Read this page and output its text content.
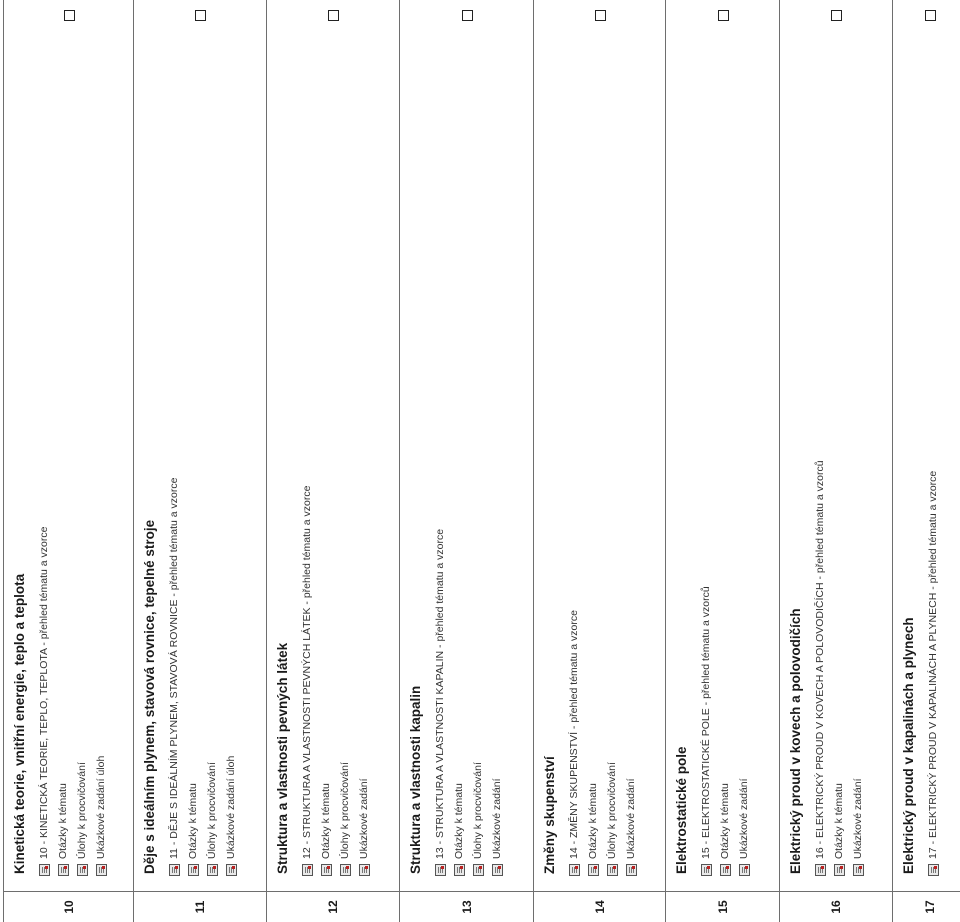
Kinetická teorie, vnitřní energie, teplo a teplota 10 - KINETICKÁ TEORIE, TEPLO, TEPLOTA - přehled tématu a vzorce Otázky k tématu Úlohy k procvičování Ukázkové zadání úloh
10
Děje s ideálním plynem, stavová rovnice, tepelné stroje 11 - DĚJE S IDEÁLNÍM PLYNEM, STAVOVÁ ROVNICE - přehled tématu a vzorce Otázky k tématu Úlohy k procvičování Ukázkové zadání úloh
11
Struktura a vlastnosti pevných látek 12 - STRUKTURA A VLASTNOSTI PEVNÝCH LÁTEK - přehled tématu a vzorce Otázky k tématu Úlohy k procvičování Ukázkové zadání
12
Struktura a vlastnosti kapalin 13 - STRUKTURA A VLASTNOSTI KAPALIN - přehled tématu a vzorce Otázky k tématu Úlohy k procvičování Ukázkové zadání
13
Změny skupenství 14 - ZMĚNY SKUPENSTVÍ - přehled tématu a vzorce Otázky k tématu Úlohy k procvičování Ukázkové zadání
14
Elektrostatické pole 15 - ELEKTROSTATICKÉ POLE - přehled tématu a vzorců Otázky k tématu Ukázkové zadání
15
Elektrický proud v kovech a polovodičích 16 - ELEKTRICKÝ PROUD V KOVECH A POLOVODIČÍCH - přehled tématu a vzorců Otázky k tématu Ukázkové zadání
16
Elektrický proud v kapalinách a plynech 17 - ELEKTRICKÝ PROUD V KAPALINÁCH A PLYNECH - přehled tématu a vzorce
17
